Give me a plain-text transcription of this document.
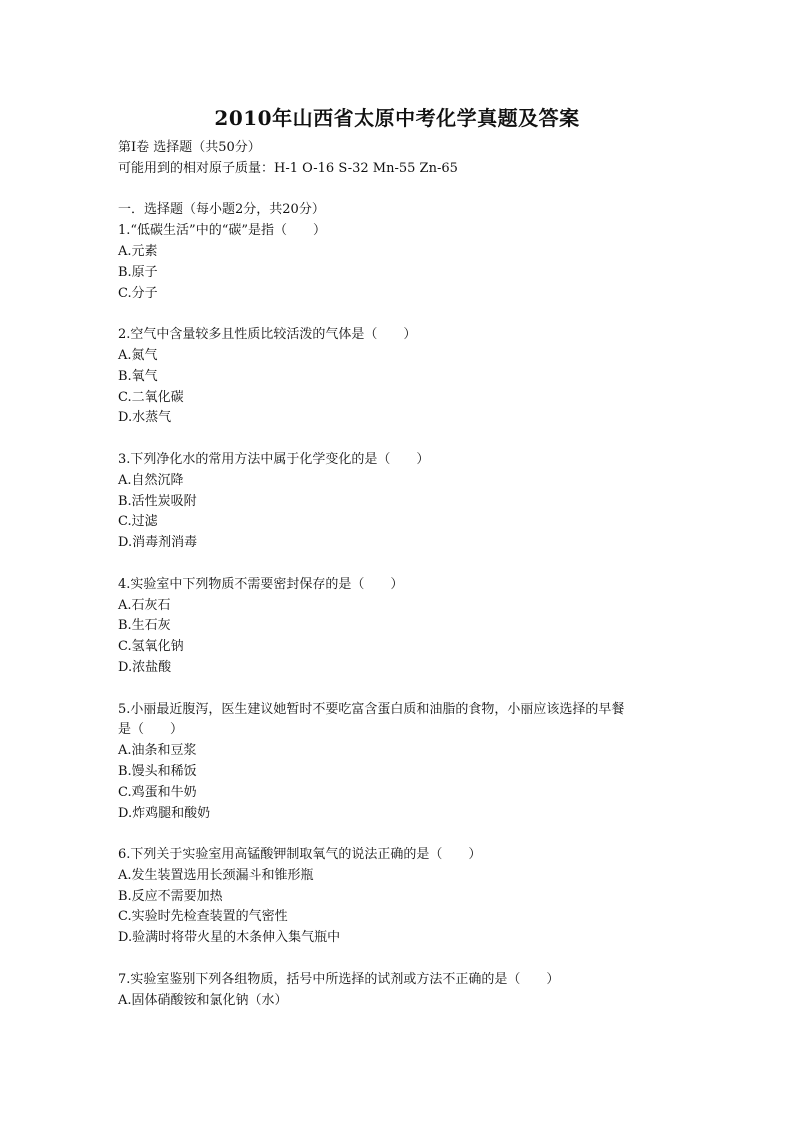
2010年山西省太原中考化学真题及答案
第Ⅰ卷 选择题（共50分）
可能用到的相对原子质量：H-1 O-16 S-32 Mn-55 Zn-65
一．选择题（每小题2分，共20分）
1.“低碳生活”中的“碳”是指（　　）
A.元素
B.原子
C.分子
2.空气中含量较多且性质比较活泼的气体是（　　）
A.氮气
B.氧气
C.二氧化碳
D.水蒸气
3.下列净化水的常用方法中属于化学变化的是（　　）
A.自然沉降
B.活性炭吸附
C.过滤
D.消毒剂消毒
4.实验室中下列物质不需要密封保存的是（　　）
A.石灰石
B.生石灰
C.氢氧化钠
D.浓盐酸
5.小丽最近腹泻，医生建议她暂时不要吃富含蛋白质和油脂的食物，小丽应该选择的早餐
是（　　）
A.油条和豆浆
B.馒头和稀饭
C.鸡蛋和牛奶
D.炸鸡腿和酸奶
6.下列关于实验室用高锰酸钾制取氧气的说法正确的是（　　）
A.发生装置选用长颈漏斗和锥形瓶
B.反应不需要加热
C.实验时先检查装置的气密性
D.验满时将带火星的木条伸入集气瓶中
7.实验室鉴别下列各组物质，括号中所选择的试剂或方法不正确的是（　　）
A.固体硝酸铵和氯化钠（水）
